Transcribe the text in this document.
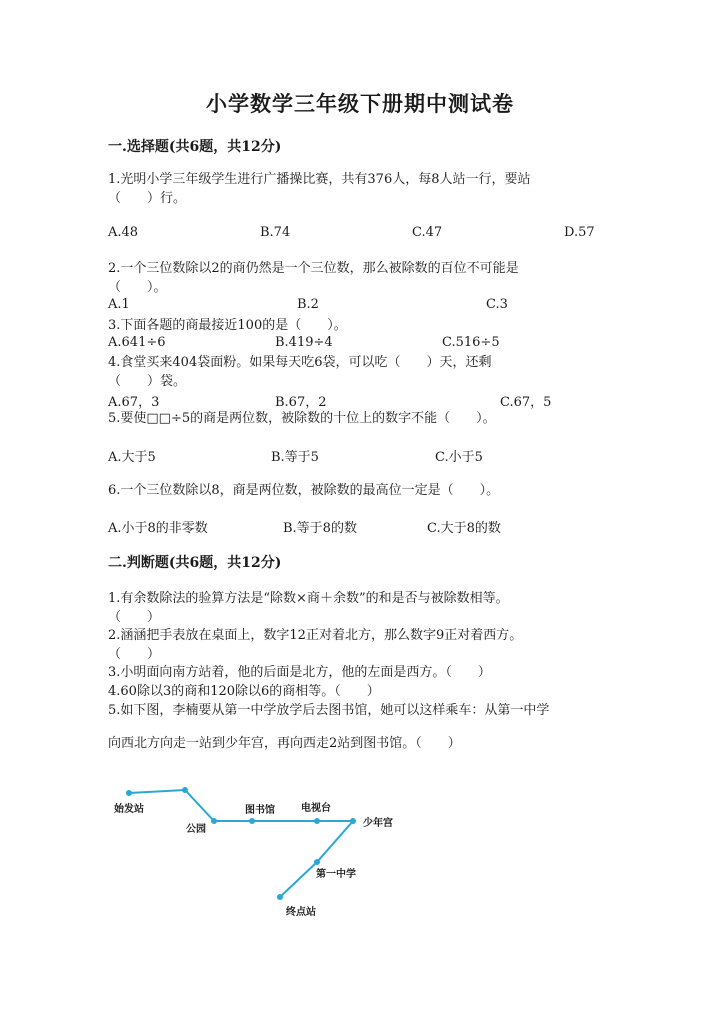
小学数学三年级下册期中测试卷
一.选择题(共6题，共12分)
1.光明小学三年级学生进行广播操比赛，共有376人，每8人站一行，要站
（　　）行。
A.48	B.74	C.47	D.57
2.一个三位数除以2的商仍然是一个三位数，那么被除数的百位不可能是
（　　）。
A.1	B.2	C.3
3.下面各题的商最接近100的是（　　）。
A.641÷6	B.419÷4	C.516÷5
4.食堂买来404袋面粉。如果每天吃6袋，可以吃（　　）天，还剩
（　　）袋。
A.67，3	B.67，2	C.67，5
5.要使□□÷5的商是两位数，被除数的十位上的数字不能（　　）。
A.大于5	B.等于5	C.小于5
6.一个三位数除以8，商是两位数，被除数的最高位一定是（　　）。
A.小于8的非零数	B.等于8的数	C.大于8的数
二.判断题(共6题，共12分)
1.有余数除法的验算方法是“除数×商＋余数”的和是否与被除数相等。
（　　）
2.涵涵把手表放在桌面上，数字12正对着北方，那么数字9正对着西方。
（　　）
3.小明面向南方站着，他的后面是北方，他的左面是西方。（　　）
4.60除以3的商和120除以6的商相等。（　　）
5.如下图，李楠要从第一中学放学后去图书馆，她可以这样乘车：从第一中学
向西北方向走一站到少年宫，再向西走2站到图书馆。（　　）
始发站
公园
图书馆	电视台
少年宫
第一中学
终点站
